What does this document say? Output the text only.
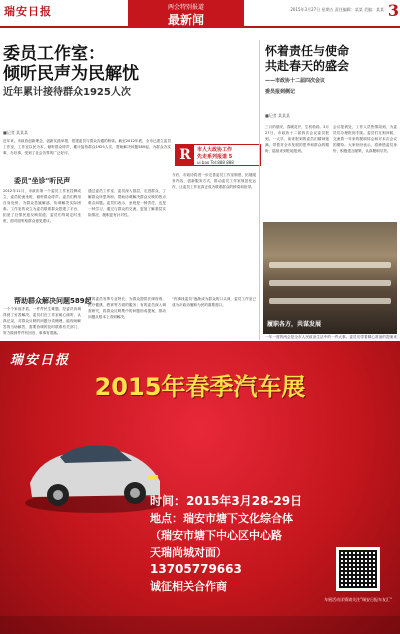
瑞安日报	两会特别报道
最新闻
2015年3月27日 星期五 责任编辑：某某 美编：某某 3
委员工作室：
倾听民声为民解忧
近年累计接待群众1925人次
■记者 某某某
近年来，市政协创新理念，创新实践举措，搭建委员与群众沟通的桥梁。截至2012年底，全市已建立委员工作室，工作室以民为本，倾听群众呼声，累计接待群众1925人次，帮助解决问题589起，为群众办实事、办好事，受到了社会各界的广泛好评。	R	市人大政协工作
先走系列报道 5
ui bao Tel:888 888
委员"坐诊"听民声
2012年11月，市政协第一个委员工作室挂牌成立，委员轮流坐班，倾听群众呼声。委员们利用自身优势，为群众答疑解惑，协调解决实际困难。工作室的设立为委员联系群众搭建了平台，拓宽了社情民意反映渠道，委员们每周定时坐班，面对面听取群众意见建议。
通过委员工作室，委员深入基层，走进群众，了解群众所思所盼，帮助协调解决群众反映的热点难点问题。委员们表示，坐班是一种责任，也是一种学习，通过与群众的交流，更加了解基层实际情况，履职更有针对性。
今后，市政协将进一步完善委员工作室制度，拓展服务内容，创新服务方式，推动委员工作室规范化运作，让委员工作室真正成为联系群众的桥梁和纽带。
帮助群众解决问题589起
一个个家庭矛盾，一件件民生难题，经委员协调得到了妥善解决。委员们在工作室耐心倾听，认真记录，对群众反映的问题分类梳理，能现场解答的当场解答，需要协调的及时联系有关部门，努力做到件件有回音、事事有着落。
有的委员发挥专业特长，为群众提供法律咨询、医疗健康、教育等方面的服务；有的委员深入调查研究，将群众反映集中的问题形成提案，推动问题从根本上得到解决。
"有事找委员"逐渐成为群众的口头禅，委员工作室已成为市政协履职为民的重要窗口。
怀着责任与使命
共赴春天的盛会
——市政协十二届四次会议
委员报到侧记
■记者 某某某
三月的瑞安，春暖花开，生机勃勃。3月27日，市政协十二届四次会议委员报到。一大早，前来报到的委员们精神饱满，带着对全市发展的思考和群众的期盼，陆续来到驻地报到。
会议报到处，工作人员热情周到，为委员们办理报到手续。委员们互相问候，交流着一年来的履职体会和对本次会议的期待。大家纷纷表示，将珍惜委员身份，积极建言献策，认真履职尽责。
履职各方，共谋发展
一年一度的两会是全市人民政治生活中的一件大事。委员们带着精心准备的提案来
瑞安日报
2015年春季汽车展
时间：2015年3月28-29日
地点：瑞安市塘下文化综合体
（瑞安市塘下中心区中心路
天瑞尚城对面）
13705779663
诚征相关合作商
车展活动详情请关注"瑞安日报车友汇"
